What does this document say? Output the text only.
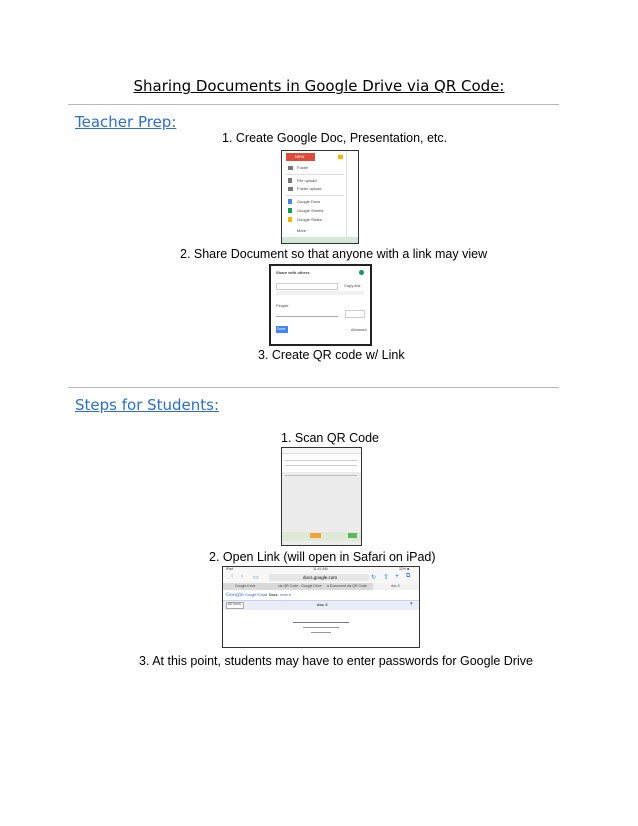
Sharing Documents in Google Drive via QR Code:
Teacher Prep:
1. Create Google Doc, Presentation, etc.
NEW
Folder
File upload
Folder upload
Google Docs
Google Sheets
Google Slides
More
2. Share Document so that anyone with a link may view
Share with others
Copy link
People
Done	Advanced
3. Create QR code w/ Link
Steps for Students:
1. Scan QR Code
2. Open Link (will open in Safari on iPad)
iPad	11:41 AM	32% ■
‹ › ▭	docs.google.com	↻ ⇧ + ⧉
Google Drive	via QR Code - Google Drive a Document via QR Code	doc 3
Google Google+ Gmail Docs more ▾
All Docs	doc 3	▾
3. At this point, students may have to enter passwords for Google Drive
